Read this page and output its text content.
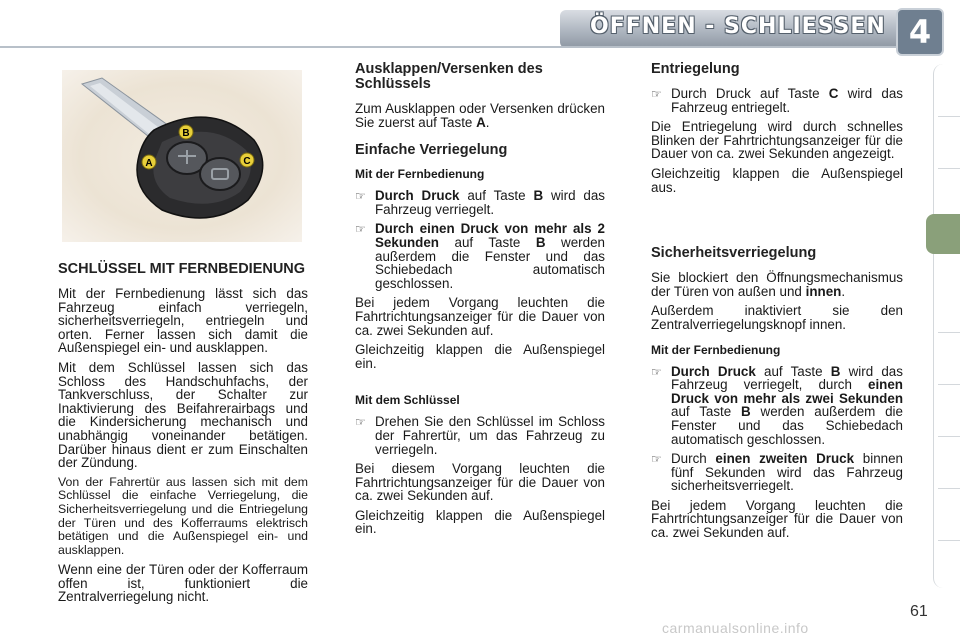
ÖFFNEN - SCHLIESSEN 4
B
A	C
SCHLÜSSEL MIT FERNBEDIENUNG

Mit der Fernbedienung lässt sich das Fahrzeug einfach verriegeln, sicherheitsverriegeln, entriegeln und orten. Ferner lassen sich damit die Außenspiegel ein- und ausklappen.

Mit dem Schlüssel lassen sich das Schloss des Handschuhfachs, der Tankverschluss, der Schalter zur Inaktivierung des Beifahrerairbags und die Kindersicherung mechanisch und unabhängig voneinander betätigen. Darüber hinaus dient er zum Einschalten der Zündung.

Von der Fahrertür aus lassen sich mit dem Schlüssel die einfache Verriegelung, die Sicherheitsverriegelung und die Entriegelung der Türen und des Kofferraums elektrisch betätigen und die Außenspiegel ein- und ausklappen.

Wenn eine der Türen oder der Kofferraum offen ist, funktioniert die Zentralverriegelung nicht.

Ausklappen/Versenken des Schlüssels

Zum Ausklappen oder Versenken drücken Sie zuerst auf Taste A.

Einfache Verriegelung
Mit der Fernbedienung
☞ Durch Druck auf Taste B wird das Fahrzeug verriegelt.
☞ Durch einen Druck von mehr als 2 Sekunden auf Taste B werden außerdem die Fenster und das Schiebedach automatisch geschlossen.

Bei jedem Vorgang leuchten die Fahrtrichtungsanzeiger für die Dauer von ca. zwei Sekunden auf.

Gleichzeitig klappen die Außenspiegel ein.

Mit dem Schlüssel
☞ Drehen Sie den Schlüssel im Schloss der Fahrertür, um das Fahrzeug zu verriegeln.

Bei diesem Vorgang leuchten die Fahrtrichtungsanzeiger für die Dauer von ca. zwei Sekunden auf.

Gleichzeitig klappen die Außenspiegel ein.

Entriegelung
☞ Durch Druck auf Taste C wird das Fahrzeug entriegelt.

Die Entriegelung wird durch schnelles Blinken der Fahrtrichtungsanzeiger für die Dauer von ca. zwei Sekunden angezeigt.

Gleichzeitig klappen die Außenspiegel aus.

Sicherheitsverriegelung

Sie blockiert den Öffnungsmechanismus der Türen von außen und innen.

Außerdem inaktiviert sie den Zentralverriegelungsknopf innen.

Mit der Fernbedienung
☞ Durch Druck auf Taste B wird das Fahrzeug verriegelt, durch einen Druck von mehr als zwei Sekunden auf Taste B werden außerdem die Fenster und das Schiebedach automatisch geschlossen.
☞ Durch einen zweiten Druck binnen fünf Sekunden wird das Fahrzeug sicherheitsverriegelt.

Bei jedem Vorgang leuchten die Fahrtrichtungsanzeiger für die Dauer von ca. zwei Sekunden auf.

61
carmanualsonline.info
